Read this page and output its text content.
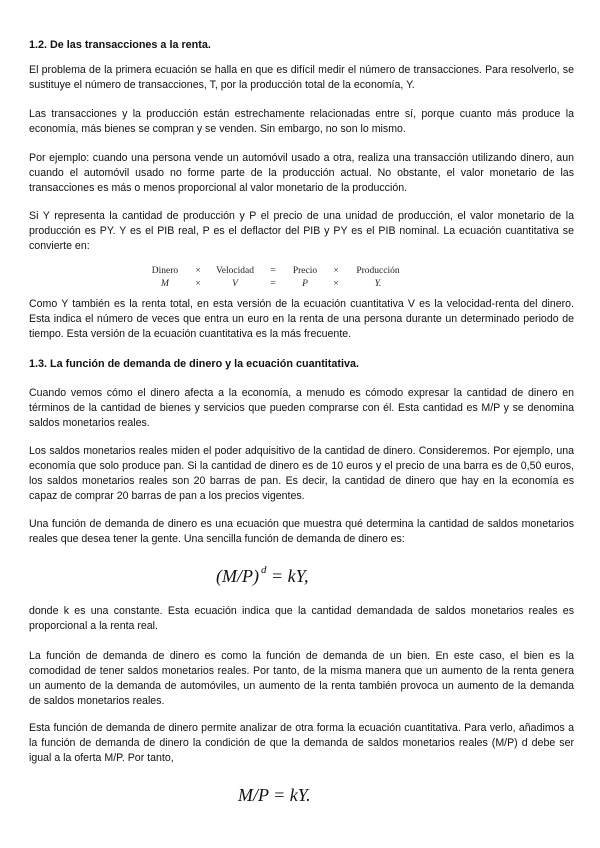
1.2. De las transacciones a la renta.

El problema de la primera ecuación se halla en que es difícil medir el número de transacciones. Para resolverlo, se sustituye el número de transacciones, T, por la producción total de la economía, Y.

Las transacciones y la producción están estrechamente relacionadas entre sí, porque cuanto más produce la economía, más bienes se compran y se venden. Sin embargo, no son lo mismo.

Por ejemplo: cuando una persona vende un automóvil usado a otra, realiza una transacción utilizando dinero, aun cuando el automóvil usado no forme parte de la producción actual. No obstante, el valor monetario de las transacciones es más o menos proporcional al valor monetario de la producción.

Si Y representa la cantidad de producción y P el precio de una unidad de producción, el valor monetario de la producción es PY. Y es el PIB real, P es el deflactor del PIB y PY es el PIB nominal. La ecuación cuantitativa se convierte en:

Dinero	×	Velocidad	=	Precio	×	Producción
M	×	V	=	P	×	Y.

Como Y también es la renta total, en esta versión de la ecuación cuantitativa V es la velocidad-renta del dinero. Esta indica el número de veces que entra un euro en la renta de una persona durante un determinado periodo de tiempo. Esta versión de la ecuación cuantitativa es la más frecuente.

1.3. La función de demanda de dinero y la ecuación cuantitativa.

Cuando vemos cómo el dinero afecta a la economía, a menudo es cómodo expresar la cantidad de dinero en términos de la cantidad de bienes y servicios que pueden comprarse con él. Esta cantidad es M/P y se denomina saldos monetarios reales.

Los saldos monetarios reales miden el poder adquisitivo de la cantidad de dinero. Consideremos. Por ejemplo, una economía que solo produce pan. Si la cantidad de dinero es de 10 euros y el precio de una barra es de 0,50 euros, los saldos monetarios reales son 20 barras de pan. Es decir, la cantidad de dinero que hay en la economía es capaz de comprar 20 barras de pan a los precios vigentes.

Una función de demanda de dinero es una ecuación que muestra qué determina la cantidad de saldos monetarios reales que desea tener la gente. Una sencilla función de demanda de dinero es:

(M/P) $^d$ = kY,

donde k es una constante. Esta ecuación indica que la cantidad demandada de saldos monetarios reales es proporcional a la renta real.

La función de demanda de dinero es como la función de demanda de un bien. En este caso, el bien es la comodidad de tener saldos monetarios reales. Por tanto, de la misma manera que un aumento de la renta genera un aumento de la demanda de automóviles, un aumento de la renta también provoca un aumento de la demanda de saldos monetarios reales.

Esta función de demanda de dinero permite analizar de otra forma la ecuación cuantitativa. Para verlo, añadimos a la función de demanda de dinero la condición de que la demanda de saldos monetarios reales (M/P) d debe ser igual a la oferta M/P. Por tanto,

M/P = kY.
